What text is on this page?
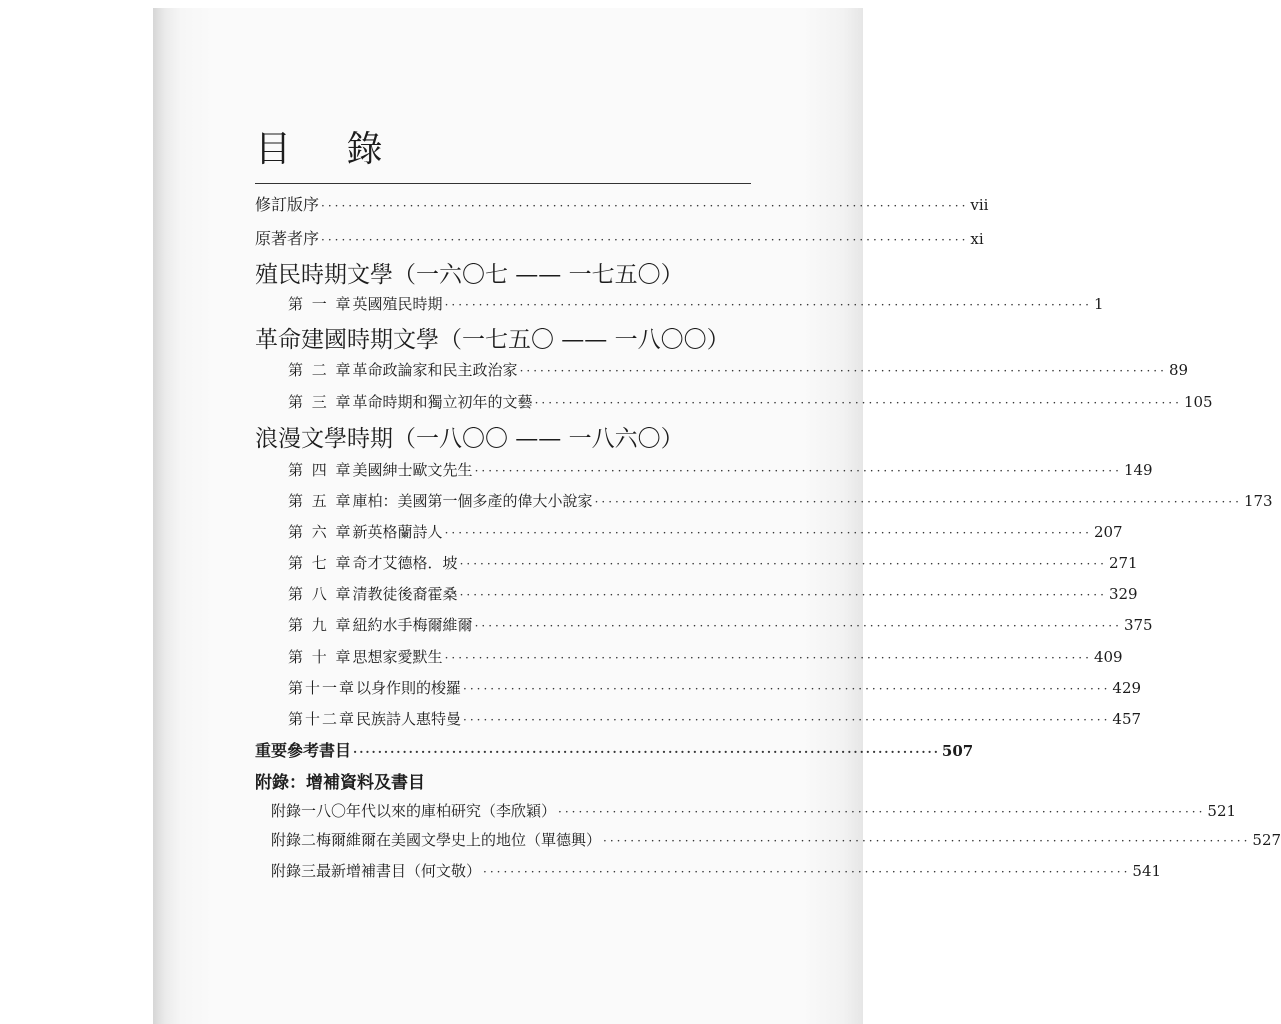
目 錄
修訂版序 ······························································································· vii
原著者序 ······························································································· xi
殖民時期文學（一六〇七 —— 一七五〇）
第 一 章 英國殖民時期 ······························································································· 1
革命建國時期文學（一七五〇 —— 一八〇〇）
第 二 章 革命政論家和民主政治家 ······························································································· 89
第 三 章 革命時期和獨立初年的文藝 ······························································································· 105
浪漫文學時期（一八〇〇 —— 一八六〇）
第 四 章 美國紳士歐文先生 ······························································································· 149
第 五 章 庫柏：美國第一個多產的偉大小說家 ······························································································· 173
第 六 章 新英格蘭詩人 ······························································································· 207
第 七 章 奇才艾德格．坡 ······························································································· 271
第 八 章 清教徒後裔霍桑 ······························································································· 329
第 九 章 紐約水手梅爾維爾 ······························································································· 375
第 十 章 思想家愛默生 ······························································································· 409
第十一章 以身作則的梭羅 ······························································································· 429
第十二章 民族詩人惠特曼 ······························································································· 457
重要參考書目 ······························································································· 507
附錄：增補資料及書目
附錄一 八〇年代以來的庫柏研究（李欣穎） ······························································································· 521
附錄二 梅爾維爾在美國文學史上的地位（單德興） ······························································································· 527
附錄三 最新增補書目（何文敬） ······························································································· 541
